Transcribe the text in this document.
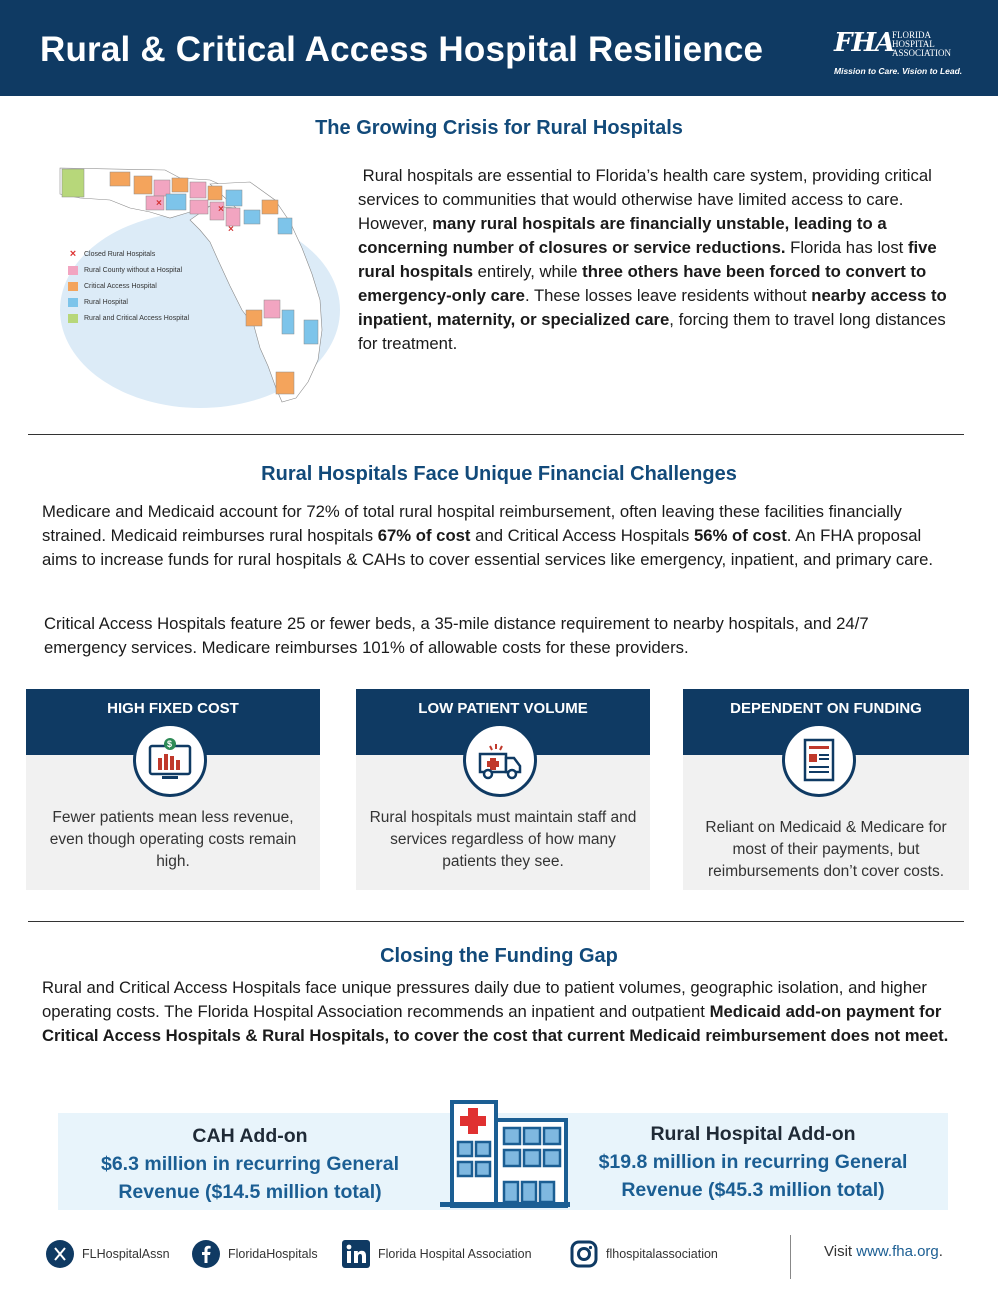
Rural & Critical Access Hospital Resilience	FHA
FLORIDA
HOSPITAL
ASSOCIATION
Mission to Care. Vision to Lead.
The Growing Crisis for Rural Hospitals
×
×
×
× Closed Rural Hospitals
Rural County without a Hospital
Critical Access Hospital
Rural Hospital
Rural and Critical Access Hospital
Rural hospitals are essential to Florida’s health care system, providing critical services to communities that would otherwise have limited access to care. However, many rural hospitals are financially unstable, leading to a concerning number of closures or service reductions. Florida has lost five rural hospitals entirely, while three others have been forced to convert to emergency-only care. These losses leave residents without nearby access to inpatient, maternity, or specialized care, forcing them to travel long distances for treatment.
Rural Hospitals Face Unique Financial Challenges
Medicare and Medicaid account for 72% of total rural hospital reimbursement, often leaving these facilities financially strained. Medicaid reimburses rural hospitals 67% of cost and Critical Access Hospitals 56% of cost. An FHA proposal aims to increase funds for rural hospitals & CAHs to cover essential services like emergency, inpatient, and primary care.
Critical Access Hospitals feature 25 or fewer beds, a 35-mile distance requirement to nearby hospitals, and 24/7 emergency services. Medicare reimburses 101% of allowable costs for these providers.
HIGH FIXED COST
$
Fewer patients mean less revenue, even though operating costs remain high.
LOW PATIENT VOLUME
Rural hospitals must maintain staff and services regardless of how many patients they see.
DEPENDENT ON FUNDING
Reliant on Medicaid & Medicare for most of their payments, but reimbursements don’t cover costs.
Closing the Funding Gap
Rural and Critical Access Hospitals face unique pressures daily due to patient volumes, geographic isolation, and higher operating costs. The Florida Hospital Association recommends an inpatient and outpatient Medicaid add-on payment for Critical Access Hospitals & Rural Hospitals, to cover the cost that current Medicaid reimbursement does not meet.
CAH Add-on
$6.3 million in recurring General
Revenue ($14.5 million total)
Rural Hospital Add-on
$19.8 million in recurring General
Revenue ($45.3 million total)
FLHospitalAssn	FloridaHospitals	Florida Hospital Association	flhospitalassociation	Visit www.fha.org.
